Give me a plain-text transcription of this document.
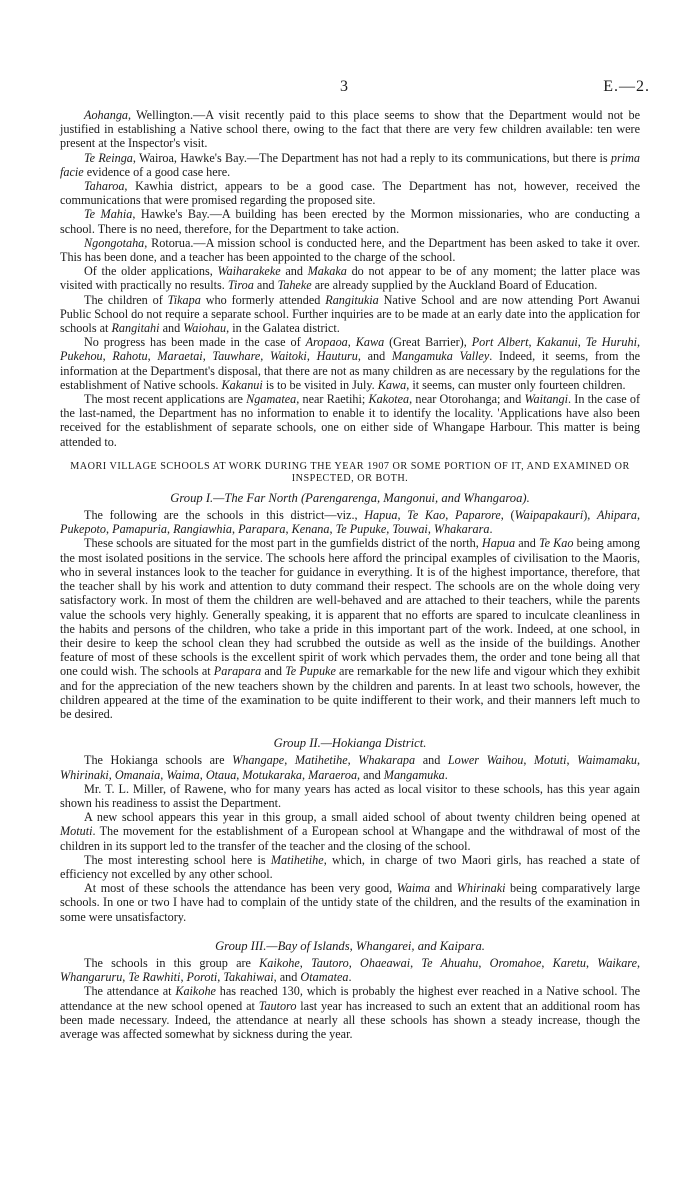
3	E.—2.

Aohanga, Wellington.—A visit recently paid to this place seems to show that the Department would not be justified in establishing a Native school there, owing to the fact that there are very few children available: ten were present at the Inspector's visit.

Te Reinga, Wairoa, Hawke's Bay.—The Department has not had a reply to its communications, but there is prima facie evidence of a good case here.

Taharoa, Kawhia district, appears to be a good case. The Department has not, however, received the communications that were promised regarding the proposed site.

Te Mahia, Hawke's Bay.—A building has been erected by the Mormon missionaries, who are conducting a school. There is no need, therefore, for the Department to take action.

Ngongotaha, Rotorua.—A mission school is conducted here, and the Department has been asked to take it over. This has been done, and a teacher has been appointed to the charge of the school.

Of the older applications, Waiharakeke and Makaka do not appear to be of any moment; the latter place was visited with practically no results. Tiroa and Taheke are already supplied by the Auckland Board of Education.

The children of Tikapa who formerly attended Rangitukia Native School and are now attending Port Awanui Public School do not require a separate school. Further inquiries are to be made at an early date into the application for schools at Rangitahi and Waiohau, in the Galatea district.

No progress has been made in the case of Aropaoa, Kawa (Great Barrier), Port Albert, Kakanui, Te Huruhi, Pukehou, Rahotu, Maraetai, Tauwhare, Waitoki, Hauturu, and Mangamuka Valley. Indeed, it seems, from the information at the Department's disposal, that there are not as many children as are necessary by the regulations for the establishment of Native schools. Kakanui is to be visited in July. Kawa, it seems, can muster only fourteen children.

The most recent applications are Ngamatea, near Raetihi; Kakotea, near Otorohanga; and Waitangi. In the case of the last-named, the Department has no information to enable it to identify the locality. 'Applications have also been received for the establishment of separate schools, one on either side of Whangape Harbour. This matter is being attended to.

MAORI VILLAGE SCHOOLS AT WORK DURING THE YEAR 1907 OR SOME PORTION OF IT, AND EXAMINED OR INSPECTED, OR BOTH.
Group I.—The Far North (Parengarenga, Mangonui, and Whangaroa).

The following are the schools in this district—viz., Hapua, Te Kao, Paparore, (Waipapakauri), Ahipara, Pukepoto, Pamapuria, Rangiawhia, Parapara, Kenana, Te Pupuke, Touwai, Whakarara.

These schools are situated for the most part in the gumfields district of the north, Hapua and Te Kao being among the most isolated positions in the service. The schools here afford the principal examples of civilisation to the Maoris, who in several instances look to the teacher for guidance in everything. It is of the highest importance, therefore, that the teacher shall by his work and attention to duty command their respect. The schools are on the whole doing very satisfactory work. In most of them the children are well-behaved and are attached to their teachers, while the parents value the schools very highly. Generally speaking, it is apparent that no efforts are spared to inculcate cleanliness in the habits and persons of the children, who take a pride in this important part of the work. Indeed, at one school, in their desire to keep the school clean they had scrubbed the outside as well as the inside of the buildings. Another feature of most of these schools is the excellent spirit of work which pervades them, the order and tone being all that one could wish. The schools at Parapara and Te Pupuke are remarkable for the new life and vigour which they exhibit and for the appreciation of the new teachers shown by the children and parents. In at least two schools, however, the children appeared at the time of the examination to be quite indifferent to their work, and their manners left much to be desired.

Group II.—Hokianga District.

The Hokianga schools are Whangape, Matihetihe, Whakarapa and Lower Waihou, Motuti, Waimamaku, Whirinaki, Omanaia, Waima, Otaua, Motukaraka, Maraeroa, and Mangamuka.

Mr. T. L. Miller, of Rawene, who for many years has acted as local visitor to these schools, has this year again shown his readiness to assist the Department.

A new school appears this year in this group, a small aided school of about twenty children being opened at Motuti. The movement for the establishment of a European school at Whangape and the withdrawal of most of the children in its support led to the transfer of the teacher and the closing of the school.

The most interesting school here is Matihetihe, which, in charge of two Maori girls, has reached a state of efficiency not excelled by any other school.

At most of these schools the attendance has been very good, Waima and Whirinaki being comparatively large schools. In one or two I have had to complain of the untidy state of the children, and the results of the examination in some were unsatisfactory.

Group III.—Bay of Islands, Whangarei, and Kaipara.

The schools in this group are Kaikohe, Tautoro, Ohaeawai, Te Ahuahu, Oromahoe, Karetu, Waikare, Whangaruru, Te Rawhiti, Poroti, Takahiwai, and Otamatea.

The attendance at Kaikohe has reached 130, which is probably the highest ever reached in a Native school. The attendance at the new school opened at Tautoro last year has increased to such an extent that an additional room has been made necessary. Indeed, the attendance at nearly all these schools has shown a steady increase, though the average was affected somewhat by sickness during the year.
